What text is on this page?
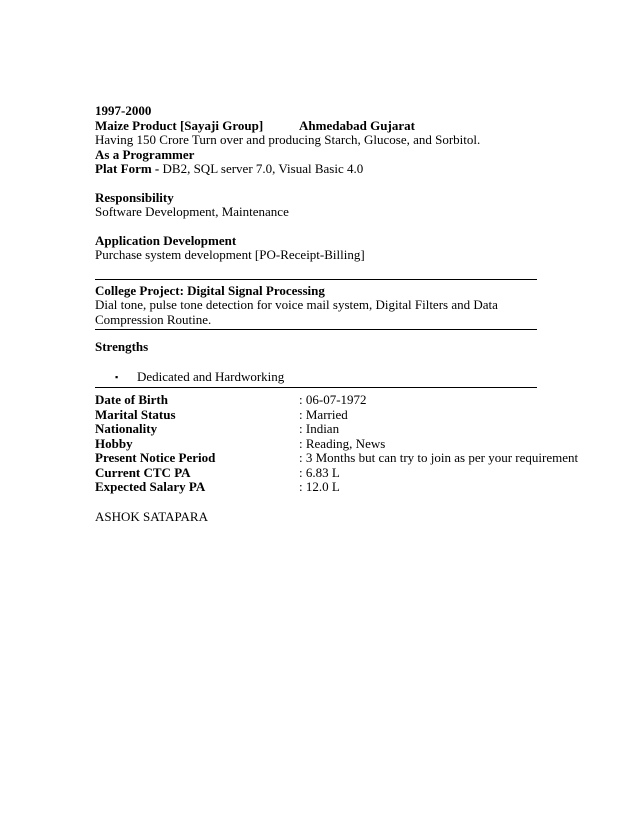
1997-2000
Maize Product [Sayaji Group]	Ahmedabad Gujarat
Having 150 Crore Turn over and producing Starch, Glucose, and Sorbitol.
As a Programmer
Plat Form - DB2, SQL server 7.0, Visual Basic 4.0
Responsibility
Software Development, Maintenance
Application Development
Purchase system development [PO-Receipt-Billing]
College Project: Digital Signal Processing
Dial tone, pulse tone detection for voice mail system, Digital Filters and Data
Compression Routine.
Strengths
▪ Dedicated and Hardworking
Date of Birth	: 06-07-1972
Marital Status	: Married
Nationality	: Indian
Hobby	: Reading, News
Present Notice Period	: 3 Months but can try to join as per your requirement
Current CTC PA	: 6.83 L
Expected Salary PA	: 12.0 L
ASHOK SATAPARA
